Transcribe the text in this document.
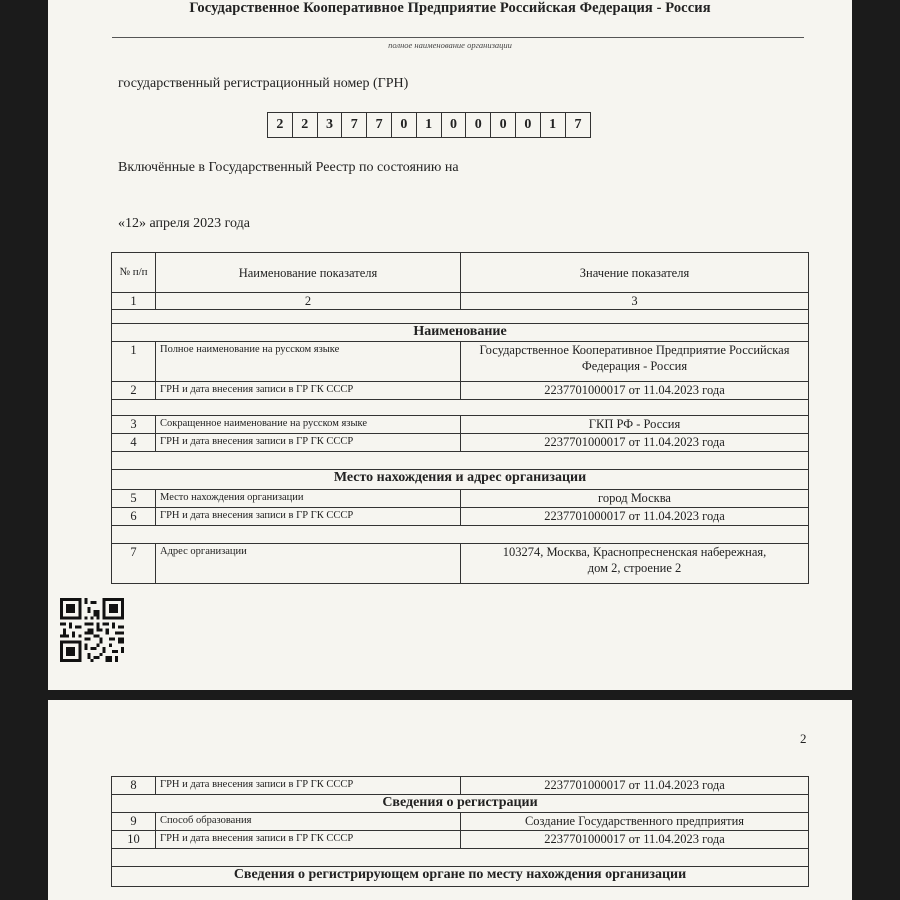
Государственное Кооперативное Предприятие Российская Федерация - Россия
полное наименование организации
государственный регистрационный номер (ГРН)
2	2	3	7	7	0	1	0	0	0	0	1	7
Включённые в Государственный Реестр по состоянию на
«12» апреля 2023 года
№ п/п	Наименование показателя	Значение показателя
1	2	3

Наименование		
1	Полное наименование на русском языке	Государственное Кооперативное Предприятие Российская Федерация - Россия
2	ГРН и дата внесения записи в ГР ГК СССР	2237701000017 от 11.04.2023 года

3	Сокращенное наименование на русском языке	ГКП РФ - Россия
4	ГРН и дата внесения записи в ГР ГК СССР	2237701000017 от 11.04.2023 года

Место нахождения и адрес организации		
5	Место нахождения организации	город Москва
6	ГРН и дата внесения записи в ГР ГК СССР	2237701000017 от 11.04.2023 года

7	Адрес организации	103274, Москва, Краснопресненская набережная, дом 2, строение 2
2
8	ГРН и дата внесения записи в ГР ГК СССР	2237701000017 от 11.04.2023 года
Сведения о регистрации		
9	Способ образования	Создание Государственного предприятия
10	ГРН и дата внесения записи в ГР ГК СССР	2237701000017 от 11.04.2023 года

Сведения о регистрирующем органе по месту нахождения организации		
